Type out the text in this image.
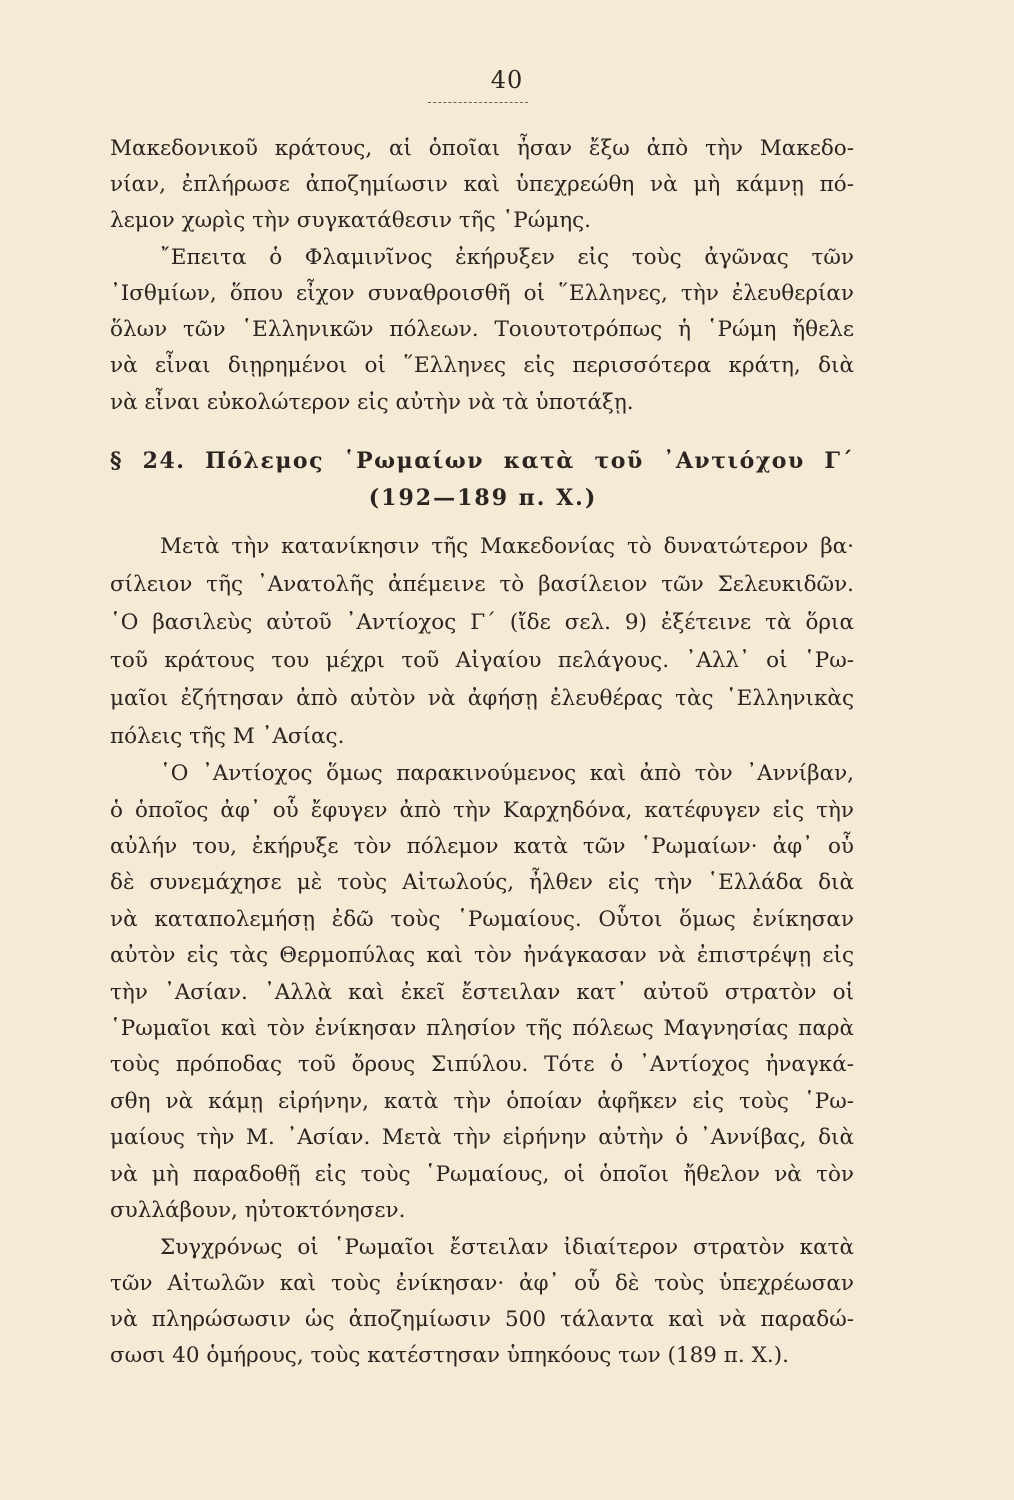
40
Μακεδονικοῦ κράτους, αἱ ὁποῖαι ἦσαν ἔξω ἀπὸ τὴν Μακεδο-
νίαν, ἐπλήρωσε ἀποζημίωσιν καὶ ὑπεχρεώθη νὰ μὴ κάμνῃ πό-
λεμον χωρὶς τὴν συγκατάθεσιν τῆς ῾Ρώμης.
῎Επειτα ὁ Φλαμινῖνος ἐκήρυξεν εἰς τοὺς ἀγῶνας τῶν
᾿Ισθμίων, ὅπου εἶχον συναθροισθῆ οἱ ῞Ελληνες, τὴν ἐλευθερίαν
ὅλων τῶν ῾Ελληνικῶν πόλεων. Τοιουτοτρόπως ἡ ῾Ρώμη ἤθελε
νὰ εἶναι διῃρημένοι οἱ ῞Ελληνες εἰς περισσότερα κράτη, διὰ
νὰ εἶναι εὐκολώτερον εἰς αὐτὴν νὰ τὰ ὑποτάξῃ.
§ 24. Πόλεμος ῾Ρωμαίων κατὰ τοῦ ᾿Αντιόχου Γ΄
(192—189 π. Χ.)
Μετὰ τὴν κατανίκησιν τῆς Μακεδονίας τὸ δυνατώτερον βα·
σίλειον τῆς ᾿Ανατολῆς ἀπέμεινε τὸ βασίλειον τῶν Σελευκιδῶν.
῾Ο βασιλεὺς αὐτοῦ ᾿Αντίοχος Γ΄ (ἴδε σελ. 9) ἐξέτεινε τὰ ὅρια
τοῦ κράτους του μέχρι τοῦ Αἰγαίου πελάγους. ᾿Αλλ᾿ οἱ ῾Ρω-
μαῖοι ἐζήτησαν ἀπὸ αὐτὸν νὰ ἀφήσῃ ἐλευθέρας τὰς ῾Ελληνικὰς
πόλεις τῆς Μ ᾿Ασίας.
῾Ο ᾿Αντίοχος ὅμως παρακινούμενος καὶ ἀπὸ τὸν ᾿Αννίβαν,
ὁ ὁποῖος ἀφ᾿ οὗ ἔφυγεν ἀπὸ τὴν Καρχηδόνα, κατέφυγεν εἰς τὴν
αὐλήν του, ἐκήρυξε τὸν πόλεμον κατὰ τῶν ῾Ρωμαίων· ἀφ᾿ οὗ
δὲ συνεμάχησε μὲ τοὺς Αἰτωλούς, ἦλθεν εἰς τὴν ῾Ελλάδα διὰ
νὰ καταπολεμήσῃ ἐδῶ τοὺς ῾Ρωμαίους. Οὗτοι ὅμως ἐνίκησαν
αὐτὸν εἰς τὰς Θερμοπύλας καὶ τὸν ἠνάγκασαν νὰ ἐπιστρέψῃ εἰς
τὴν ᾿Ασίαν. ᾿Αλλὰ καὶ ἐκεῖ ἔστειλαν κατ᾿ αὐτοῦ στρατὸν οἱ
῾Ρωμαῖοι καὶ τὸν ἐνίκησαν πλησίον τῆς πόλεως Μαγνησίας παρὰ
τοὺς πρόποδας τοῦ ὄρους Σιπύλου. Τότε ὁ ᾿Αντίοχος ἠναγκά-
σθη νὰ κάμῃ εἰρήνην, κατὰ τὴν ὁποίαν ἀφῆκεν εἰς τοὺς ῾Ρω-
μαίους τὴν Μ. ᾿Ασίαν. Μετὰ τὴν εἰρήνην αὐτὴν ὁ ᾿Αννίβας, διὰ
νὰ μὴ παραδοθῇ εἰς τοὺς ῾Ρωμαίους, οἱ ὁποῖοι ἤθελον νὰ τὸν
συλλάβουν, ηὐτοκτόνησεν.
Συγχρόνως οἱ ῾Ρωμαῖοι ἔστειλαν ἰδιαίτερον στρατὸν κατὰ
τῶν Αἰτωλῶν καὶ τοὺς ἐνίκησαν· ἀφ᾿ οὗ δὲ τοὺς ὑπεχρέωσαν
νὰ πληρώσωσιν ὡς ἀποζημίωσιν 500 τάλαντα καὶ νὰ παραδώ-
σωσι 40 ὁμήρους, τοὺς κατέστησαν ὑπηκόους των (189 π. Χ.).
